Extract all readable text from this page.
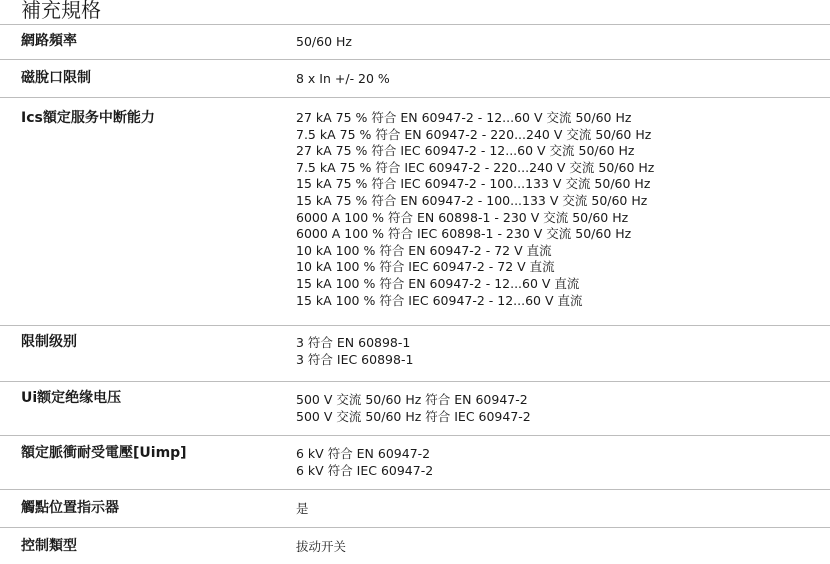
補充規格
網路頻率	50/60 Hz
磁脫口限制	8 x In +/- 20 %
Ics額定服务中断能力	27 kA 75 % 符合 EN 60947-2 - 12...60 V 交流 50/60 Hz
7.5 kA 75 % 符合 EN 60947-2 - 220...240 V 交流 50/60 Hz
27 kA 75 % 符合 IEC 60947-2 - 12...60 V 交流 50/60 Hz
7.5 kA 75 % 符合 IEC 60947-2 - 220...240 V 交流 50/60 Hz
15 kA 75 % 符合 IEC 60947-2 - 100...133 V 交流 50/60 Hz
15 kA 75 % 符合 EN 60947-2 - 100...133 V 交流 50/60 Hz
6000 A 100 % 符合 EN 60898-1 - 230 V 交流 50/60 Hz
6000 A 100 % 符合 IEC 60898-1 - 230 V 交流 50/60 Hz
10 kA 100 % 符合 EN 60947-2 - 72 V 直流
10 kA 100 % 符合 IEC 60947-2 - 72 V 直流
15 kA 100 % 符合 EN 60947-2 - 12...60 V 直流
15 kA 100 % 符合 IEC 60947-2 - 12...60 V 直流
限制级别	3 符合 EN 60898-1
3 符合 IEC 60898-1
Ui额定绝缘电压	500 V 交流 50/60 Hz 符合 EN 60947-2
500 V 交流 50/60 Hz 符合 IEC 60947-2
額定脈衝耐受電壓[Uimp]	6 kV 符合 EN 60947-2
6 kV 符合 IEC 60947-2
觸點位置指示器	是
控制類型	拔动开关
